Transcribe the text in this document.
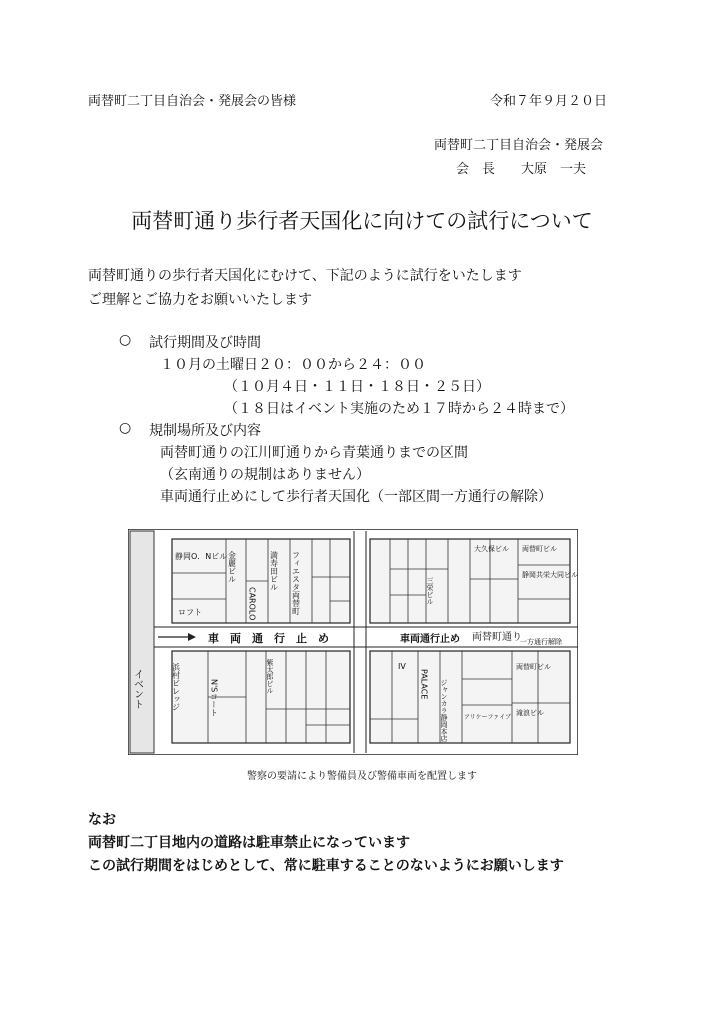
両替町二丁目自治会・発展会の皆様	令和７年９月２０日
両替町二丁目自治会・発展会
会　長　　大原　一夫
両替町通り歩行者天国化に向けての試行について
両替町通りの歩行者天国化にむけて、下記のように試行をいたします
ご理解とご協力をお願いいたします
○ 試行期間及び時間
１０月の土曜日２０：００から２４：００
（１０月４日・１１日・１８日・２５日）
（１８日はイベント実施のため１７時から２４時まで）
○ 規制場所及び内容
両替町通りの江川町通りから青葉通りまでの区間
（玄南通りの規制はありません）
車両通行止めにして歩行者天国化（一部区間一方通行の解除）
車　両　通　行　止　め	車両通行止め 両替町通り
一方通行解除
イベント
静岡O．Nビル 金麗ビル	満寿田ビル フィエスタ両替町
ロフト	CAROLO
大久保ビル
静岡共栄大同ビル
三栄ビル
両替町ビル
浜村ビレッジ	N'Sコート
紫太郎ビル
ジャンカラ静岡本店
PALACE
両替町ビル
滝浪ビル
アリケーファイブ
IV
警察の要請により警備員及び警備車両を配置します
なお
両替町二丁目地内の道路は駐車禁止になっています
この試行期間をはじめとして、常に駐車することのないようにお願いします
